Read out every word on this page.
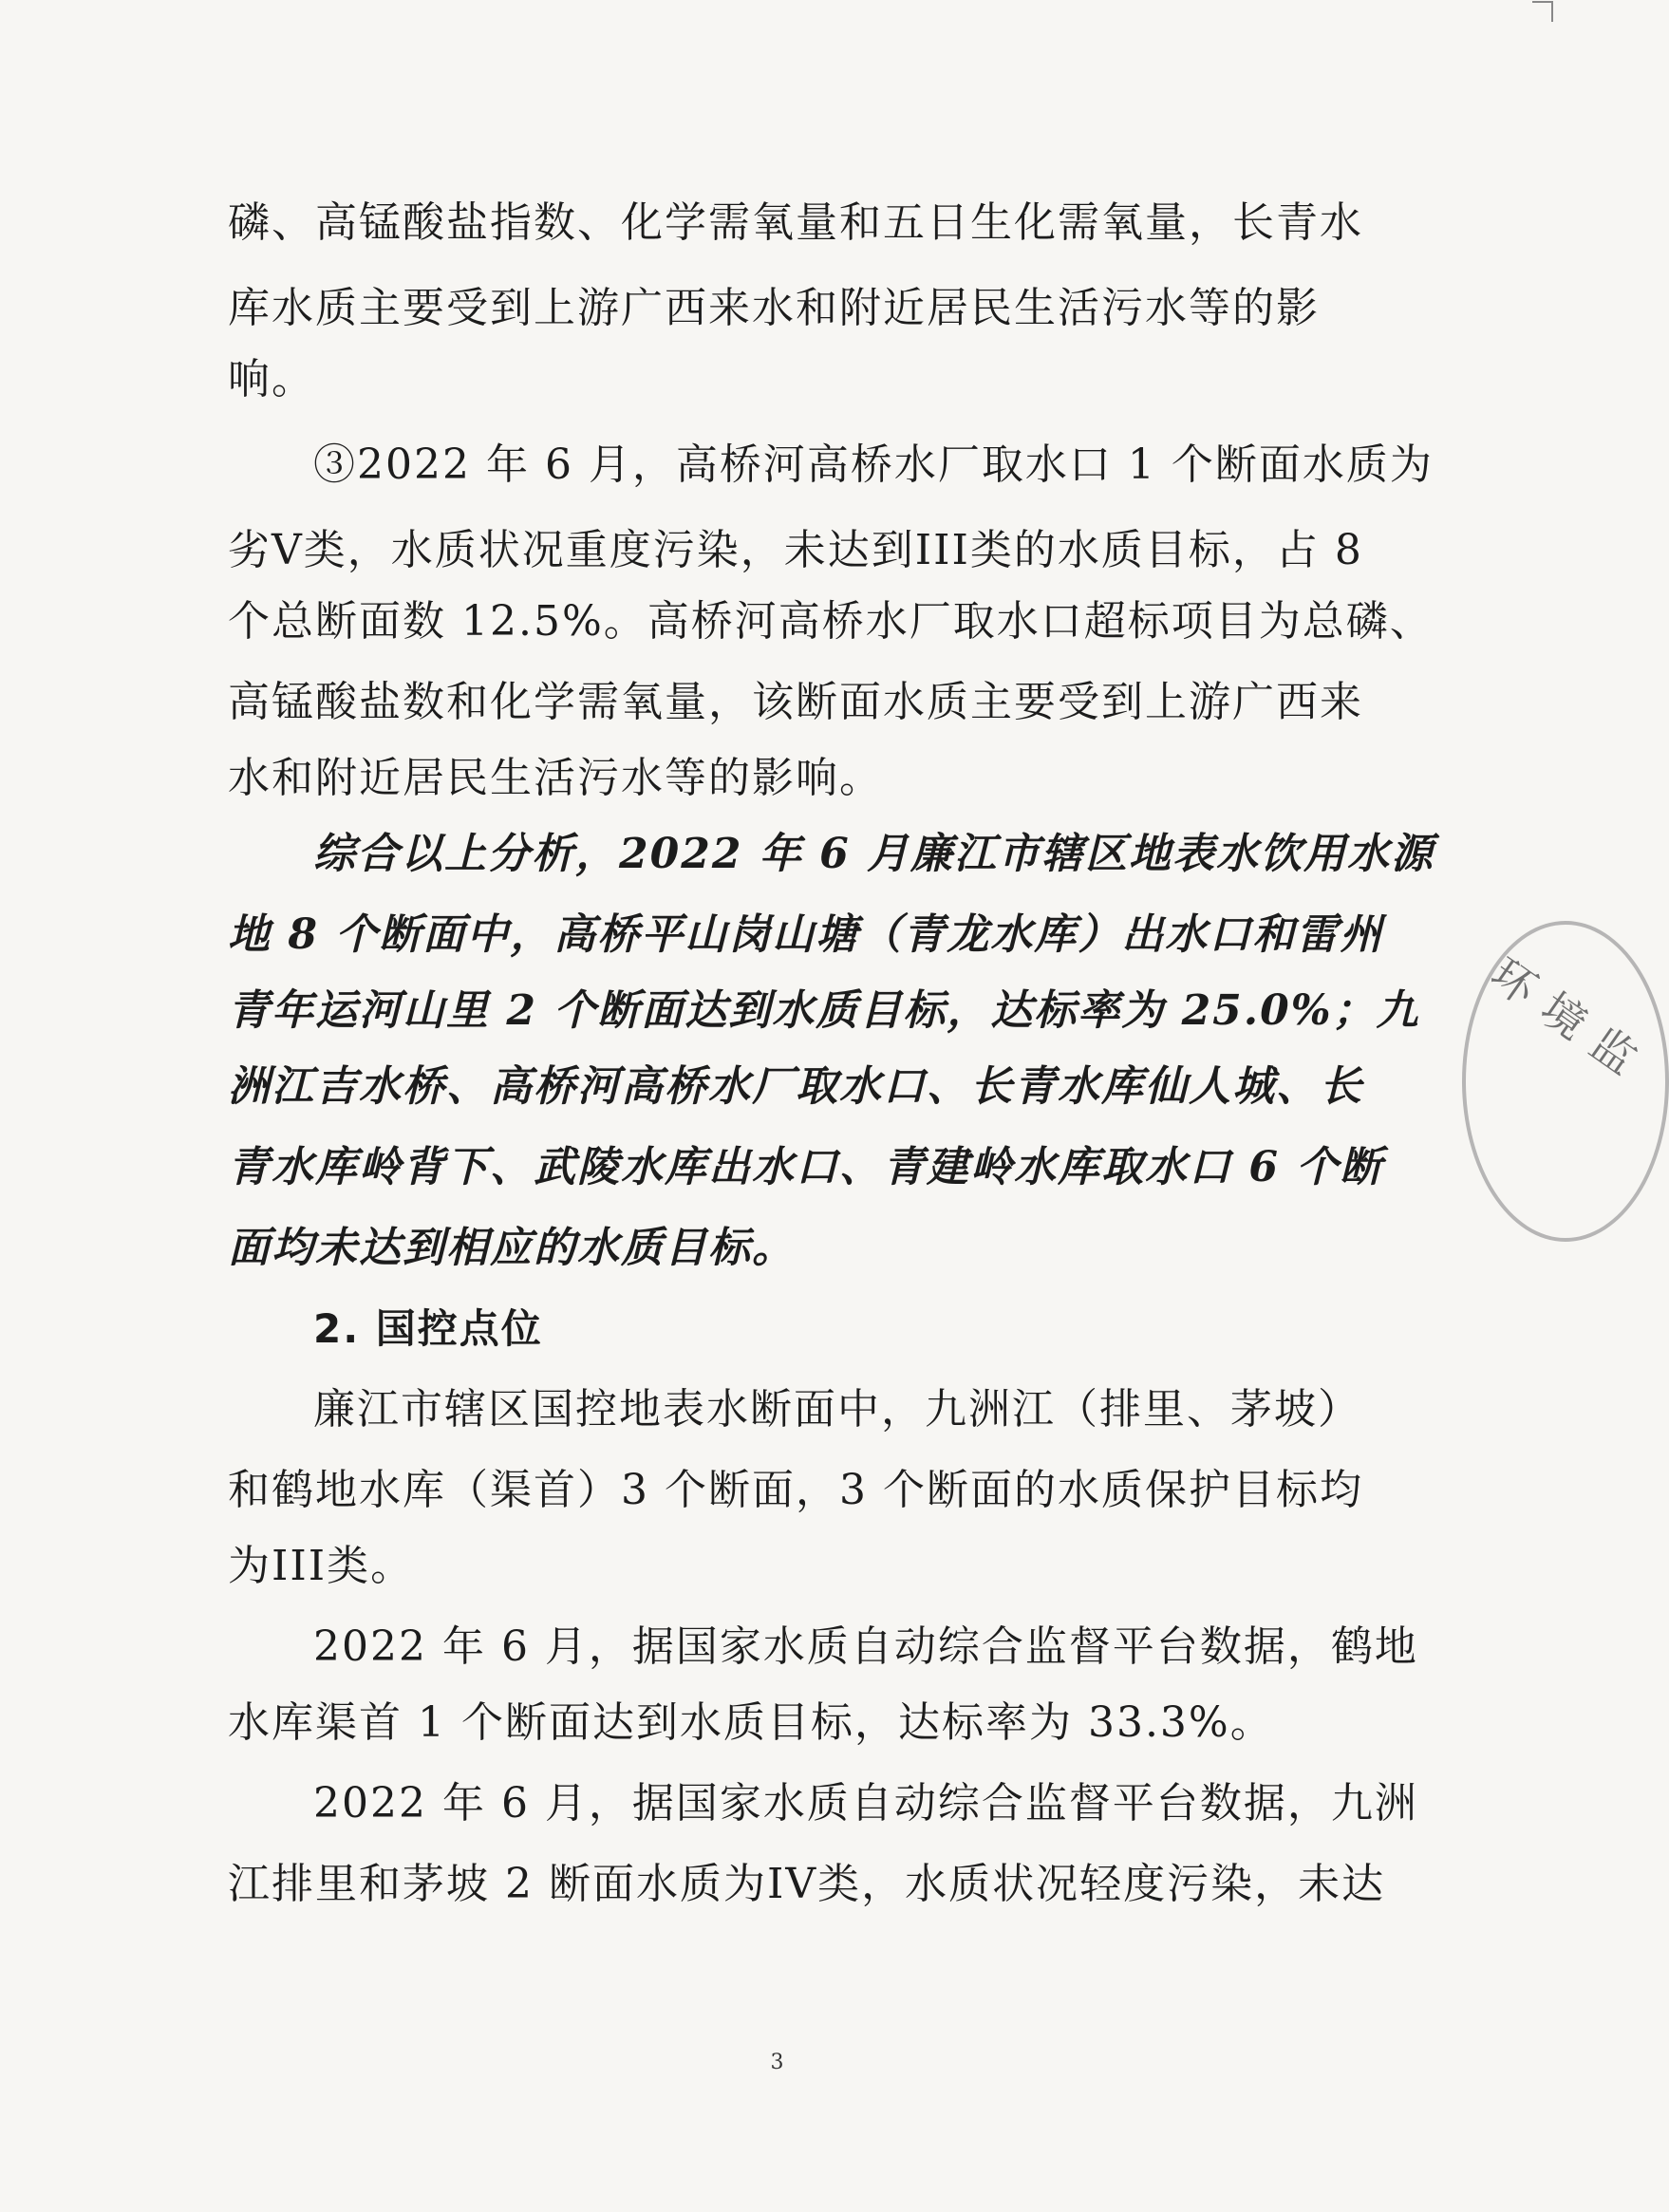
磷、高锰酸盐指数、化学需氧量和五日生化需氧量，长青水
库水质主要受到上游广西来水和附近居民生活污水等的影
响。
③2022 年 6 月，高桥河高桥水厂取水口 1 个断面水质为
劣Ⅴ类，水质状况重度污染，未达到III类的水质目标，占 8
个总断面数 12.5%。高桥河高桥水厂取水口超标项目为总磷、
高锰酸盐数和化学需氧量，该断面水质主要受到上游广西来
水和附近居民生活污水等的影响。
综合以上分析，2022 年 6 月廉江市辖区地表水饮用水源
地 8 个断面中，高桥平山岗山塘（青龙水库）出水口和雷州
青年运河山里 2 个断面达到水质目标，达标率为 25.0%；九
洲江吉水桥、高桥河高桥水厂取水口、长青水库仙人城、长
青水库岭背下、武陵水库出水口、青建岭水库取水口 6 个断
面均未达到相应的水质目标。
2. 国控点位
廉江市辖区国控地表水断面中，九洲江（排里、茅坡）
和鹤地水库（渠首）3 个断面，3 个断面的水质保护目标均
为III类。
2022 年 6 月，据国家水质自动综合监督平台数据，鹤地
水库渠首 1 个断面达到水质目标，达标率为 33.3%。
2022 年 6 月，据国家水质自动综合监督平台数据，九洲
江排里和茅坡 2 断面水质为IV类，水质状况轻度污染，未达
3
环境监
